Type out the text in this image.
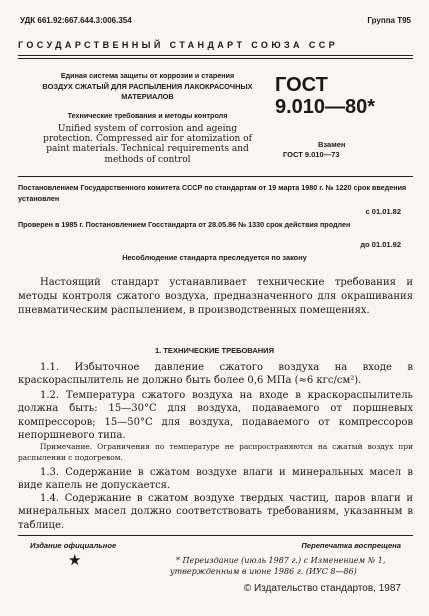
УДК 661.92:667.644.3:006.354	Группа Т95
ГОСУДАРСТВЕННЫЙ СТАНДАРТ СОЮЗА ССР
Единая система защиты от коррозии и старения
ВОЗДУХ СЖАТЫЙ ДЛЯ РАСПЫЛЕНИЯ ЛАКОКРАСОЧНЫХ МАТЕРИАЛОВ
Технические требования и методы контроля
Unified system of corrosion and ageing protection. Compressed air for atomization of paint materials. Technical requirements and methods of control
ГОСТ
9.010—80*
Взамен
ГОСТ 9.010—73
Постановлением Государственного комитета СССР по стандартам от 19 марта 1980 г. № 1220 срок введения установлен
с 01.01.82
Проверен в 1985 г. Постановлением Госстандарта от 28.05.86 № 1330 срок действия продлен
до 01.01.92
Несоблюдение стандарта преследуется по закону
Настоящий стандарт устанавливает технические требования и методы контроля сжатого воздуха, предназначенного для окрашивания пневматическим распылением, в производственных помещениях.
1. ТЕХНИЧЕСКИЕ ТРЕБОВАНИЯ
1.1. Избыточное давление сжатого воздуха на входе в краскораспылитель не должно быть более 0,6 МПа (≈6 кгс/см²).
1.2. Температура сжатого воздуха на входе в краскораспылитель должна быть: 15—30°С для воздуха, подаваемого от поршневых компрессоров; 15—50°С для воздуха, подаваемого от компрессоров непоршневого типа.
Примечание. Ограничения по температуре не распространяются на сжатый воздух при распылении с подогревом.
1.3. Содержание в сжатом воздухе влаги и минеральных масел в виде капель не допускается.
1.4. Содержание в сжатом воздухе твердых частиц, паров влаги и минеральных масел должно соответствовать требованиям, указанным в таблице.
Издание официальное	Перепечатка воспрещена
★	* Переиздание (июль 1987 г.) с Изменением № 1, утвержденным в июне 1986 г. (ИУС 8—86)
© Издательство стандартов, 1987
